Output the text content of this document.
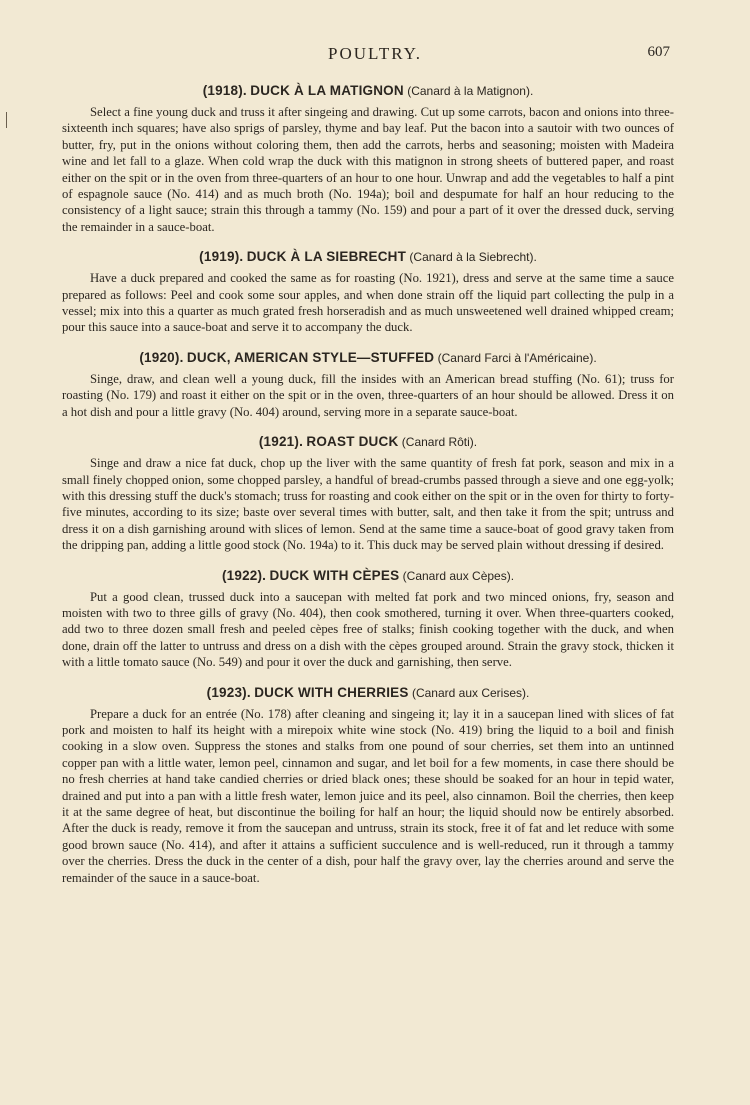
POULTRY.	607
(1918). DUCK À LA MATIGNON (Canard à la Matignon).

Select a fine young duck and truss it after singeing and drawing. Cut up some carrots, bacon and onions into three-sixteenth inch squares; have also sprigs of parsley, thyme and bay leaf. Put the bacon into a sautoir with two ounces of butter, fry, put in the onions without coloring them, then add the carrots, herbs and seasoning; moisten with Madeira wine and let fall to a glaze. When cold wrap the duck with this matignon in strong sheets of buttered paper, and roast either on the spit or in the oven from three-quarters of an hour to one hour. Unwrap and add the vegetables to half a pint of espagnole sauce (No. 414) and as much broth (No. 194a); boil and despumate for half an hour reducing to the consistency of a light sauce; strain this through a tammy (No. 159) and pour a part of it over the dressed duck, serving the remainder in a sauce-boat.

(1919). DUCK À LA SIEBRECHT (Canard à la Siebrecht).

Have a duck prepared and cooked the same as for roasting (No. 1921), dress and serve at the same time a sauce prepared as follows: Peel and cook some sour apples, and when done strain off the liquid part collecting the pulp in a vessel; mix into this a quarter as much grated fresh horseradish and as much unsweetened well drained whipped cream; pour this sauce into a sauce-boat and serve it to accompany the duck.

(1920). DUCK, AMERICAN STYLE—STUFFED (Canard Farci à l'Américaine).

Singe, draw, and clean well a young duck, fill the insides with an American bread stuffing (No. 61); truss for roasting (No. 179) and roast it either on the spit or in the oven, three-quarters of an hour should be allowed. Dress it on a hot dish and pour a little gravy (No. 404) around, serving more in a separate sauce-boat.

(1921). ROAST DUCK (Canard Rôti).

Singe and draw a nice fat duck, chop up the liver with the same quantity of fresh fat pork, season and mix in a small finely chopped onion, some chopped parsley, a handful of bread-crumbs passed through a sieve and one egg-yolk; with this dressing stuff the duck's stomach; truss for roasting and cook either on the spit or in the oven for thirty to forty-five minutes, according to its size; baste over several times with butter, salt, and then take it from the spit; untruss and dress it on a dish garnishing around with slices of lemon. Send at the same time a sauce-boat of good gravy taken from the dripping pan, adding a little good stock (No. 194a) to it. This duck may be served plain without dressing if desired.

(1922). DUCK WITH CÈPES (Canard aux Cèpes).

Put a good clean, trussed duck into a saucepan with melted fat pork and two minced onions, fry, season and moisten with two to three gills of gravy (No. 404), then cook smothered, turning it over. When three-quarters cooked, add two to three dozen small fresh and peeled cèpes free of stalks; finish cooking together with the duck, and when done, drain off the latter to untruss and dress on a dish with the cèpes grouped around. Strain the gravy stock, thicken it with a little tomato sauce (No. 549) and pour it over the duck and garnishing, then serve.

(1923). DUCK WITH CHERRIES (Canard aux Cerises).

Prepare a duck for an entrée (No. 178) after cleaning and singeing it; lay it in a saucepan lined with slices of fat pork and moisten to half its height with a mirepoix white wine stock (No. 419) bring the liquid to a boil and finish cooking in a slow oven. Suppress the stones and stalks from one pound of sour cherries, set them into an untinned copper pan with a little water, lemon peel, cinnamon and sugar, and let boil for a few moments, in case there should be no fresh cherries at hand take candied cherries or dried black ones; these should be soaked for an hour in tepid water, drained and put into a pan with a little fresh water, lemon juice and its peel, also cinnamon. Boil the cherries, then keep it at the same degree of heat, but discontinue the boiling for half an hour; the liquid should now be entirely absorbed. After the duck is ready, remove it from the saucepan and untruss, strain its stock, free it of fat and let reduce with some good brown sauce (No. 414), and after it attains a sufficient succulence and is well-reduced, run it through a tammy over the cherries. Dress the duck in the center of a dish, pour half the gravy over, lay the cherries around and serve the remainder of the sauce in a sauce-boat.
